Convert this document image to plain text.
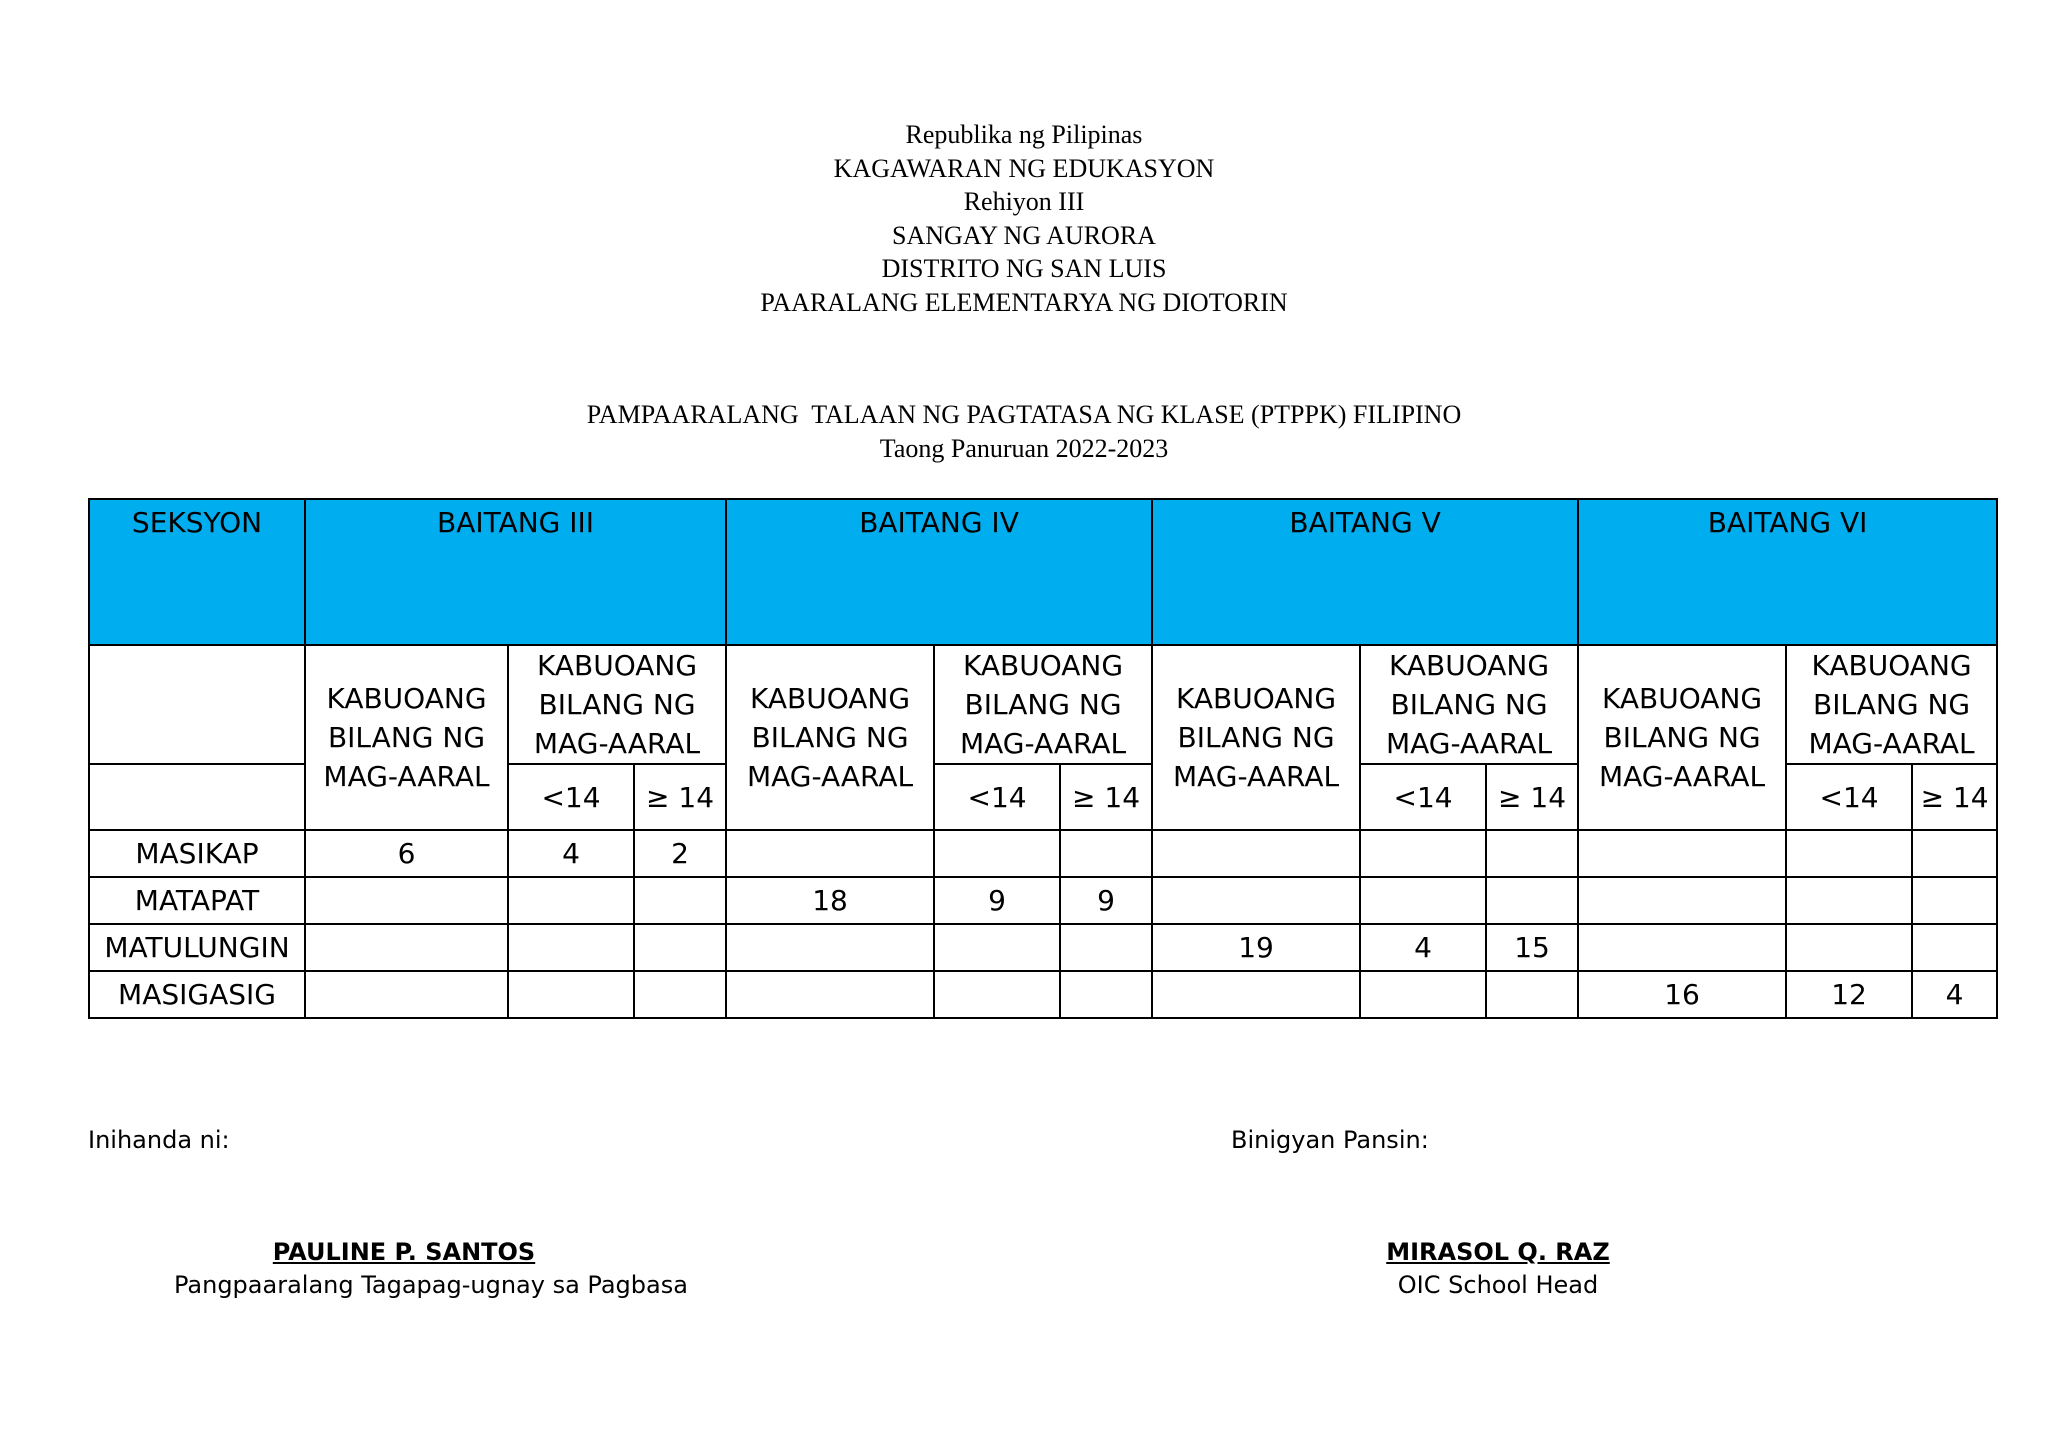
Republika ng Pilipinas
KAGAWARAN NG EDUKASYON
Rehiyon III
SANGAY NG AURORA
DISTRITO NG SAN LUIS
PAARALANG ELEMENTARYA NG DIOTORIN
PAMPAARALANG  TALAAN NG PAGTATASA NG KLASE (PTPPK) FILIPINO
Taong Panuruan 2022-2023
SEKSYON	BAITANG III			BAITANG IV			BAITANG V			BAITANG VI		
	KABUOANG BILANG NG MAG-AARAL	KABUOANG BILANG NG MAG-AARAL		KABUOANG BILANG NG MAG-AARAL	KABUOANG BILANG NG MAG-AARAL		KABUOANG BILANG NG MAG-AARAL	KABUOANG BILANG NG MAG-AARAL		KABUOANG BILANG NG MAG-AARAL	KABUOANG BILANG NG MAG-AARAL	
		<14	≥ 14		<14	≥ 14		<14	≥ 14		<14	≥ 14
MASIKAP	6	4	2									
MATAPAT				18	9	9						
MATULUNGIN							19	4	15			
MASIGASIG										16	12	4
Inihanda ni:	Binigyan Pansin:
PAULINE P. SANTOS
Pangpaaralang Tagapag-ugnay sa Pagbasa
MIRASOL Q. RAZ
OIC School Head
